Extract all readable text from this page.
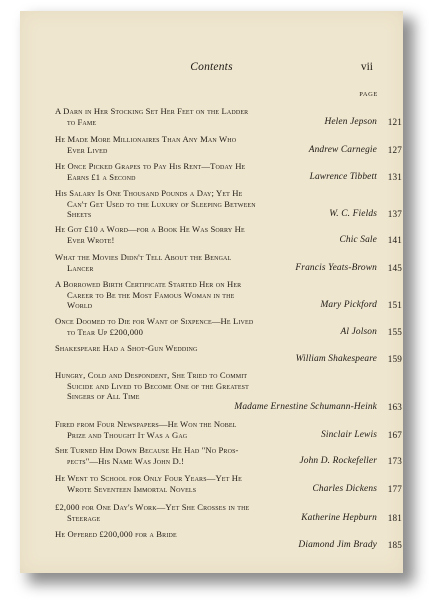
Contents	vii
PAGE
A Darn in Her Stocking Set Her Feet on the Ladder
to Fame	Helen Jepson 121
He Made More Millionaires Than Any Man Who
Ever Lived	Andrew Carnegie 127
He Once Picked Grapes to Pay His Rent—Today He
Earns £1 a Second	Lawrence Tibbett 131
His Salary Is One Thousand Pounds a Day; Yet He
Can't Get Used to the Luxury of Sleeping Between
Sheets	W. C. Fields 137
He Got £10 a Word—for a Book He Was Sorry He
Ever Wrote!	Chic Sale 141
What the Movies Didn't Tell About the Bengal
Lancer	Francis Yeats-Brown 145
A Borrowed Birth Certificate Started Her on Her
Career to Be the Most Famous Woman in the
World	Mary Pickford 151
Once Doomed to Die for Want of Sixpence—He Lived
to Tear Up £200,000	Al Jolson 155
Shakespeare Had a Shot-Gun Wedding
William Shakespeare 159
Hungry, Cold and Despondent, She Tried to Commit
Suicide and Lived to Become One of the Greatest
Singers of All Time
Madame Ernestine Schumann-Heink 163
Fired from Four Newspapers—He Won the Nobel
Prize and Thought It Was a Gag	Sinclair Lewis 167
She Turned Him Down Because He Had "No Pros-
pects"—His Name Was John D.!	John D. Rockefeller 173
He Went to School for Only Four Years—Yet He
Wrote Seventeen Immortal Novels	Charles Dickens 177
£2,000 for One Day's Work—Yet She Crosses in the
Steerage	Katherine Hepburn 181
He Offered £200,000 for a Bride
Diamond Jim Brady 185
